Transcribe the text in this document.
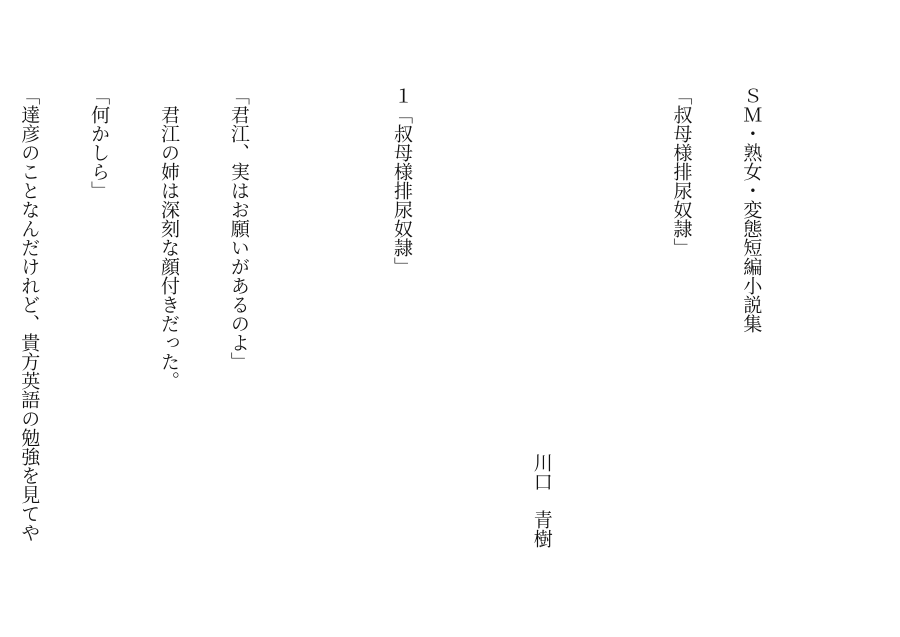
ＳＭ・熟女・変態短編小説集

「叔母様排尿奴隷」

川口　青樹

１「叔母様排尿奴隷」

「君江、実はお願いがあるのよ」

　君江の姉は深刻な顔付きだった。

「何かしら」

「達彦のことなんだけれど、貴方英語の勉強を見てや
